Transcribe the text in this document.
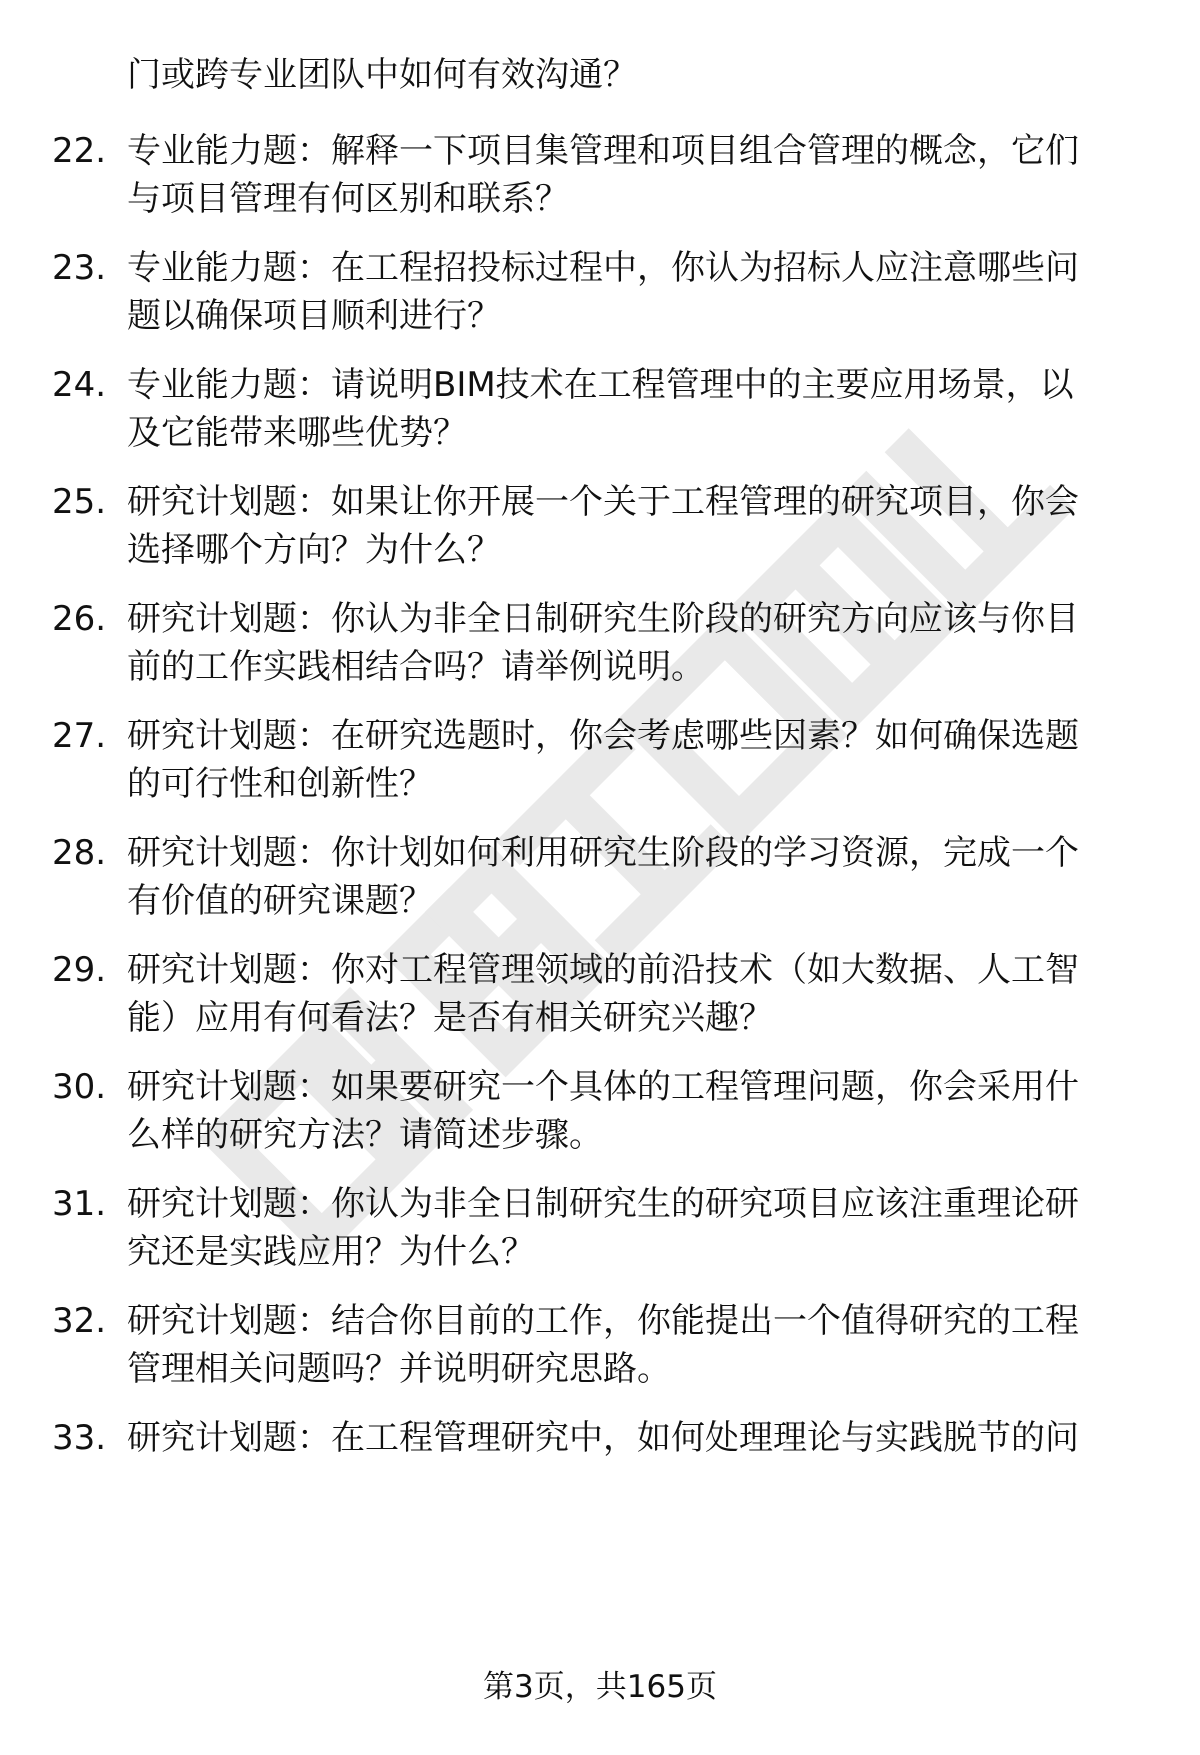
门或跨专业团队中如何有效沟通？
22. 专业能力题：解释一下项目集管理和项目组合管理的概念，它们
与项目管理有何区别和联系？
23. 专业能力题：在工程招投标过程中，你认为招标人应注意哪些问
题以确保项目顺利进行？
24. 专业能力题：请说明BIM技术在工程管理中的主要应用场景，以
及它能带来哪些优势？
25. 研究计划题：如果让你开展一个关于工程管理的研究项目，你会
选择哪个方向？为什么？
26. 研究计划题：你认为非全日制研究生阶段的研究方向应该与你目
前的工作实践相结合吗？请举例说明。
27. 研究计划题：在研究选题时，你会考虑哪些因素？如何确保选题
的可行性和创新性？
28. 研究计划题：你计划如何利用研究生阶段的学习资源，完成一个
有价值的研究课题？
29. 研究计划题：你对工程管理领域的前沿技术（如大数据、人工智
能）应用有何看法？是否有相关研究兴趣？
30. 研究计划题：如果要研究一个具体的工程管理问题，你会采用什
么样的研究方法？请简述步骤。
31. 研究计划题：你认为非全日制研究生的研究项目应该注重理论研
究还是实践应用？为什么？
32. 研究计划题：结合你目前的工作，你能提出一个值得研究的工程
管理相关问题吗？并说明研究思路。
33. 研究计划题：在工程管理研究中，如何处理理论与实践脱节的问
第3页，共165页
